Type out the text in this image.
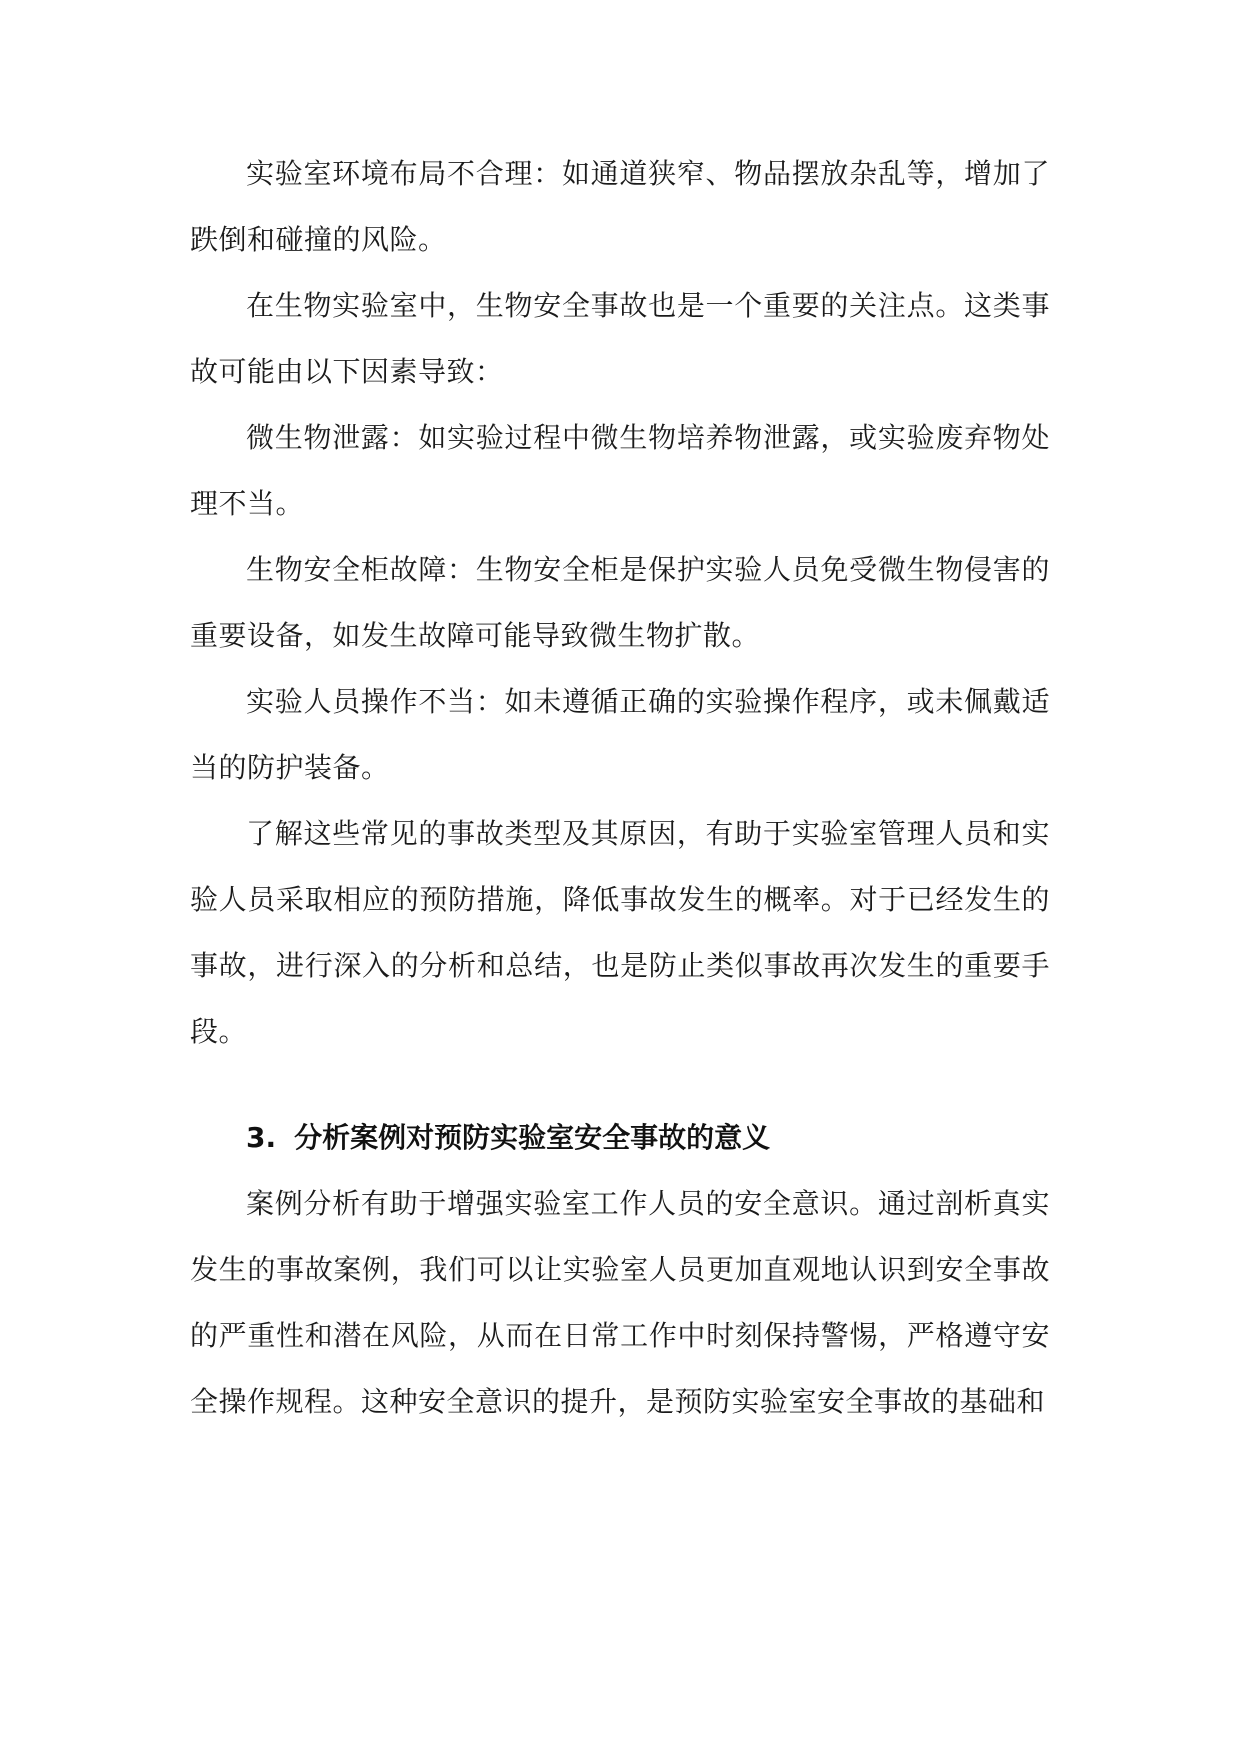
实验室环境布局不合理：如通道狭窄、物品摆放杂乱等，增加了跌倒和碰撞的风险。

在生物实验室中，生物安全事故也是一个重要的关注点。这类事故可能由以下因素导致：

微生物泄露：如实验过程中微生物培养物泄露，或实验废弃物处理不当。

生物安全柜故障：生物安全柜是保护实验人员免受微生物侵害的重要设备，如发生故障可能导致微生物扩散。

实验人员操作不当：如未遵循正确的实验操作程序，或未佩戴适当的防护装备。

了解这些常见的事故类型及其原因，有助于实验室管理人员和实验人员采取相应的预防措施，降低事故发生的概率。对于已经发生的事故，进行深入的分析和总结，也是防止类似事故再次发生的重要手段。

3. 分析案例对预防实验室安全事故的意义

案例分析有助于增强实验室工作人员的安全意识。通过剖析真实发生的事故案例，我们可以让实验室人员更加直观地认识到安全事故的严重性和潜在风险，从而在日常工作中时刻保持警惕，严格遵守安全操作规程。这种安全意识的提升，是预防实验室安全事故的基础和
